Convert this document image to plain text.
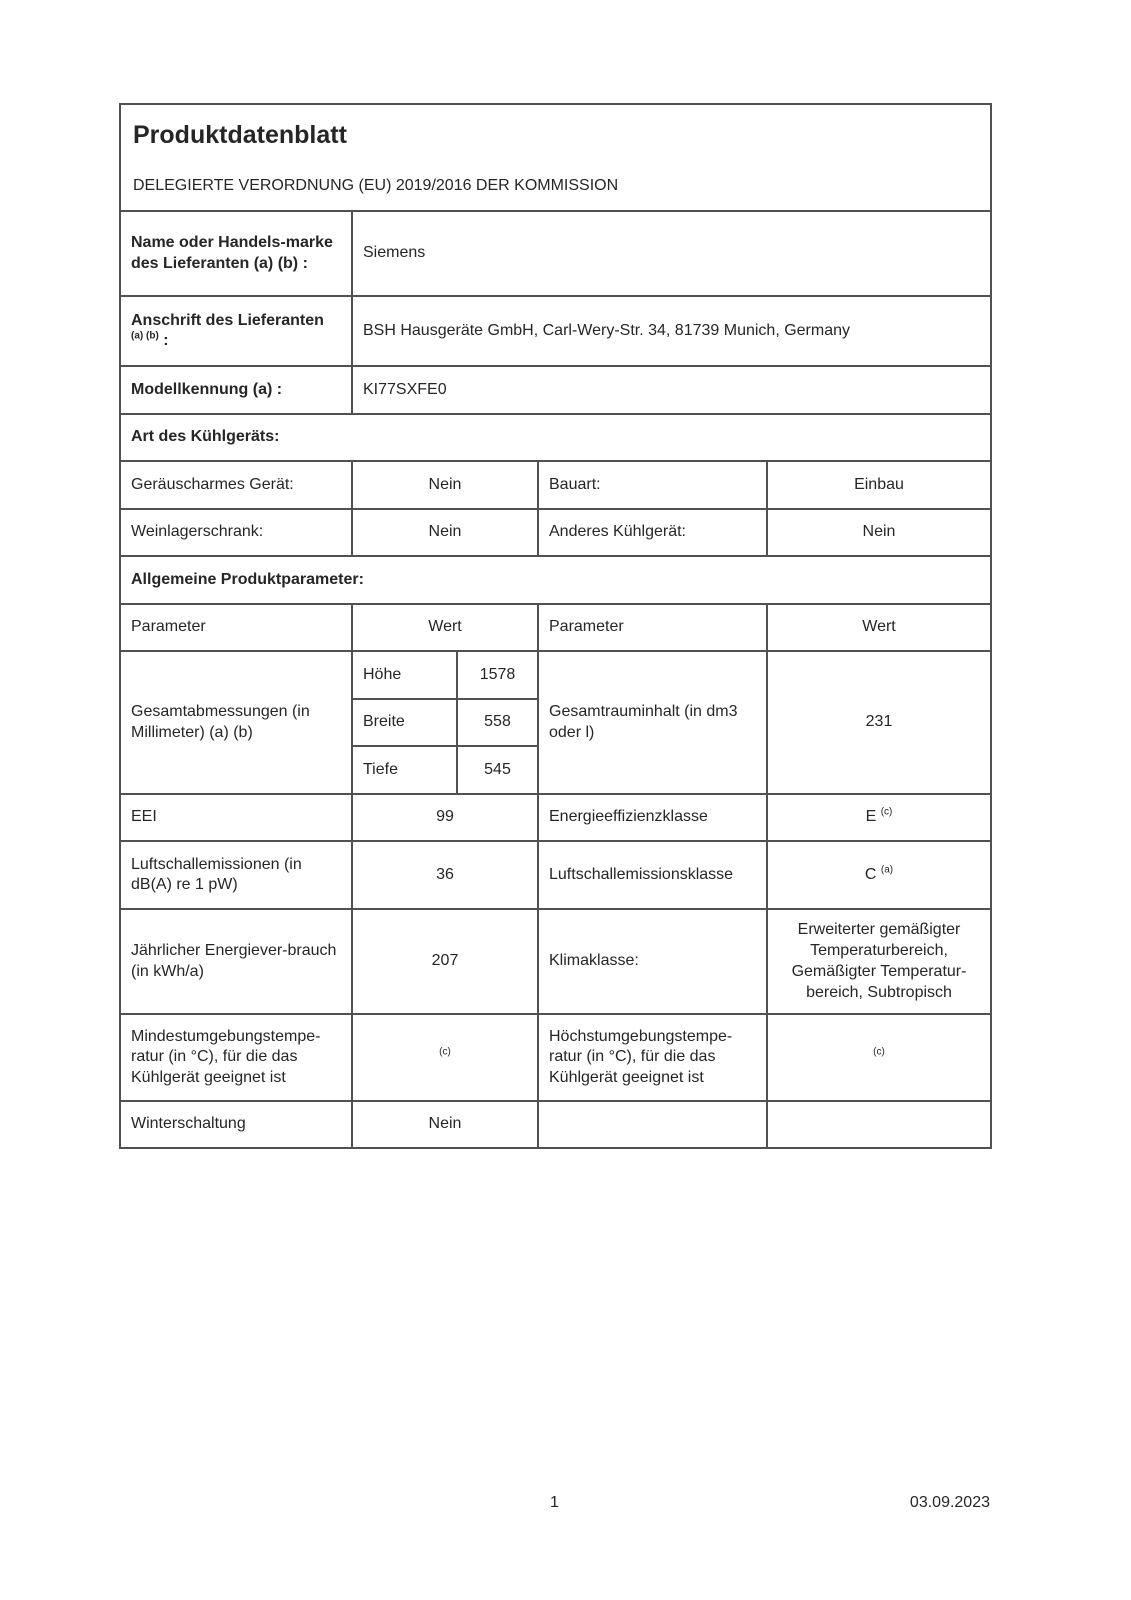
Produktdatenblatt
DELEGIERTE VERORDNUNG (EU) 2019/2016 DER KOMMISSION				

Name oder Handels-marke des Lieferanten (a) (b) :	Siemens			
Anschrift des Lieferanten
$^{(a) (b)}$ :	BSH Hausgeräte GmbH, Carl-Wery-Str. 34, 81739 Munich, Germany			
Modellkennung (a) :	KI77SXFE0			
Art des Kühlgeräts:				
Geräuscharmes Gerät:	Nein		Bauart:	Einbau
Weinlagerschrank:	Nein		Anderes Kühlgerät:	Nein
Allgemeine Produktparameter:				
Parameter	Wert		Parameter	Wert
Gesamtabmessungen (in Millimeter) (a) (b)	Höhe	1578	Gesamtrauminhalt (in dm3 oder l)	231
	Breite	558		
	Tiefe	545		
EEI	99		Energieeffizienzklasse	E $^{(c)}$
Luftschallemissionen (in dB(A) re 1 pW)	36		Luftschallemissionsklasse	C $^{(a)}$
Jährlicher Energiever-brauch (in kWh/a)	207		Klimaklasse:	Erweiterter gemäßigter Temperaturbereich, Gemäßigter Temperatur-bereich, Subtropisch
Mindestumgebungstempe-ratur (in °C), für die das Kühlgerät geeignet ist	$^{(c)}$		Höchstumgebungstempe-ratur (in °C), für die das Kühlgerät geeignet ist	$^{(c)}$
Winterschaltung	Nein			
1	03.09.2023
